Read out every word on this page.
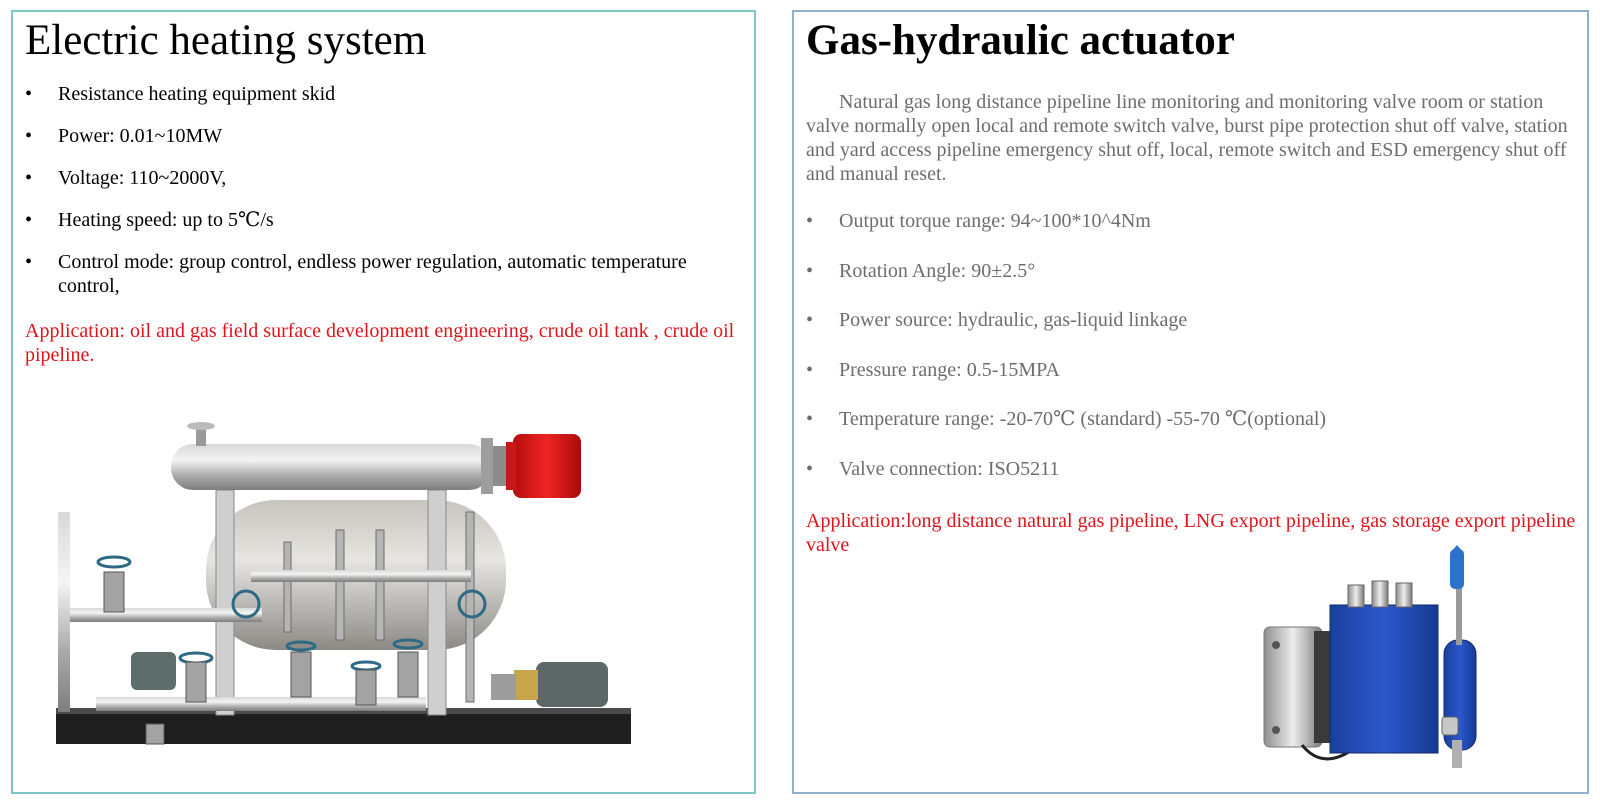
Electric heating system
• Resistance heating equipment skid
• Power: 0.01~10MW
• Voltage: 110~2000V,
• Heating speed: up to 5℃/s
• Control mode: group control, endless power regulation, automatic temperature control,

Application: oil and gas field surface development engineering, crude oil tank , crude oil pipeline.

Gas-hydraulic actuator

Natural gas long distance pipeline line monitoring and monitoring valve room or station valve normally open local and remote switch valve, burst pipe protection shut off valve, station and yard access pipeline emergency shut off, local, remote switch and ESD emergency shut off and manual reset.

• Output torque range: 94~100*10^4Nm
• Rotation Angle: 90±2.5°
• Power source: hydraulic, gas-liquid linkage
• Pressure range: 0.5-15MPA
• Temperature range: -20-70℃ (standard) -55-70 ℃(optional)
• Valve connection: ISO5211

Application:long distance natural gas pipeline, LNG export pipeline, gas storage export pipeline valve
